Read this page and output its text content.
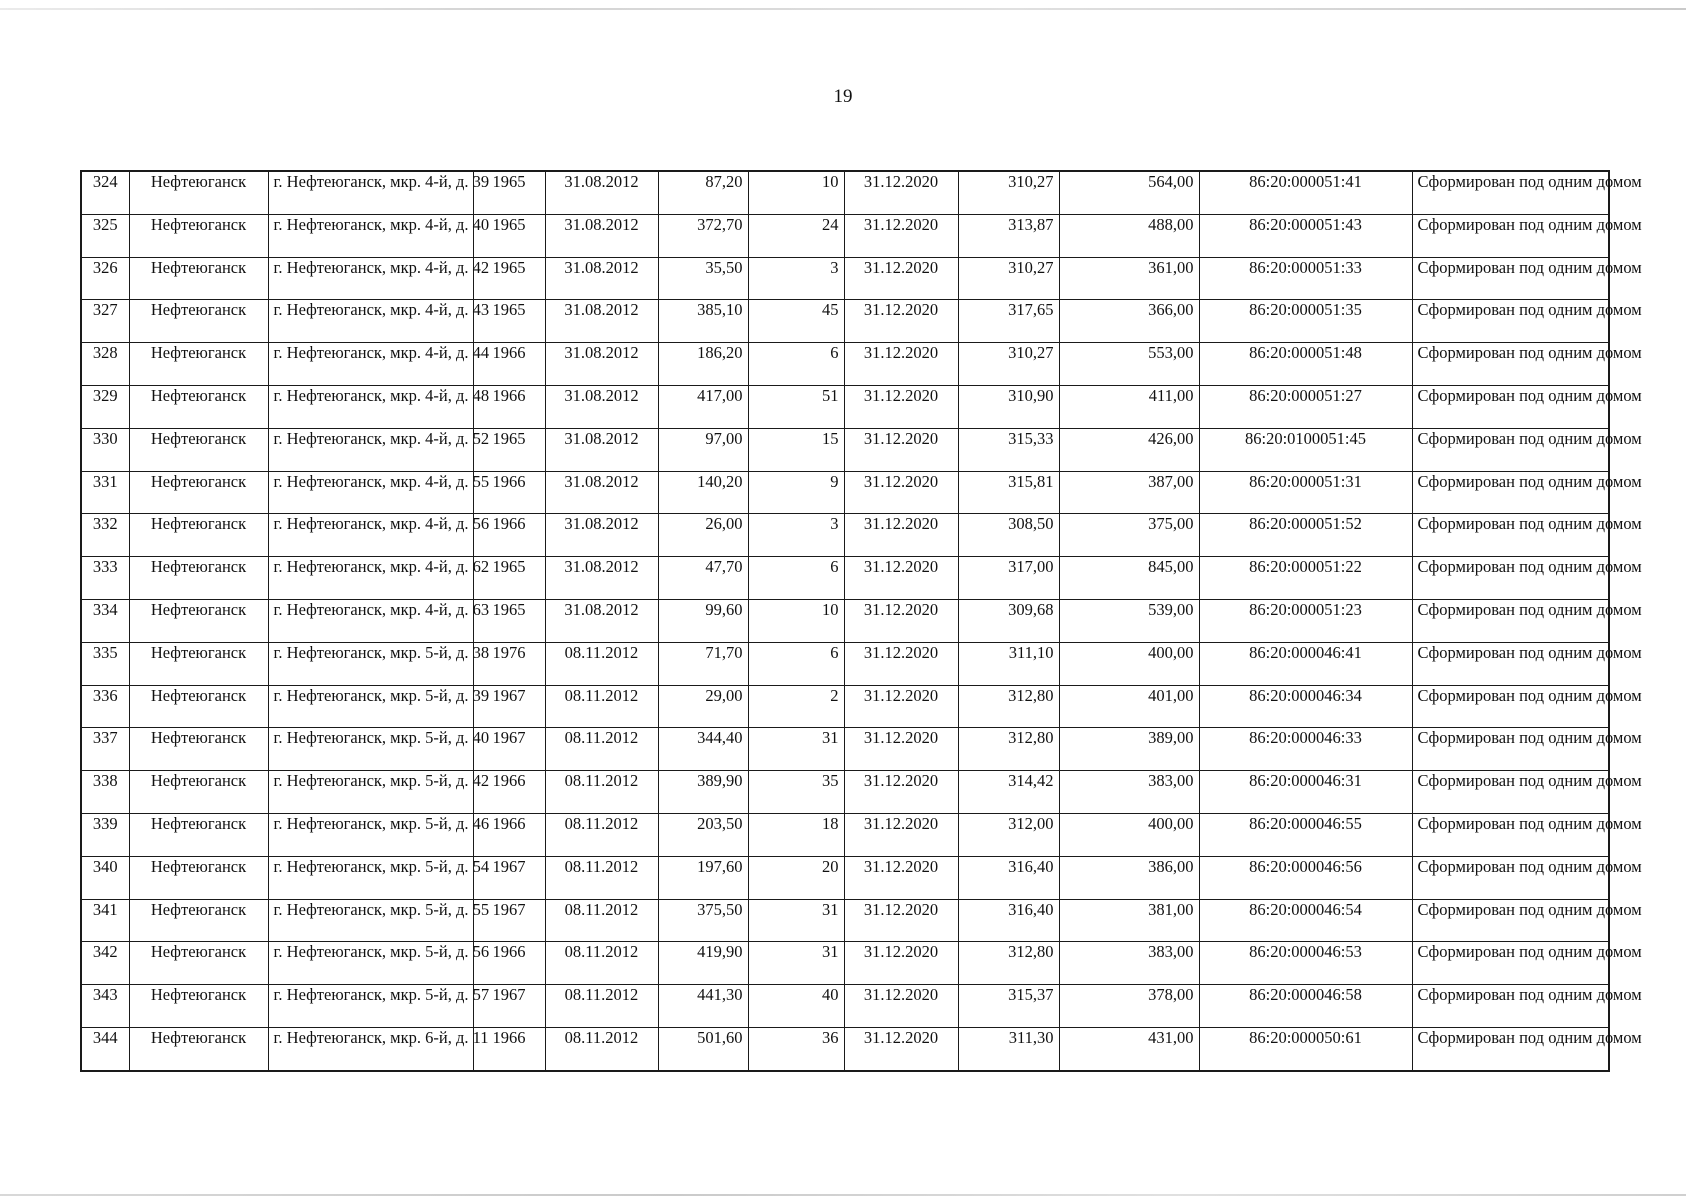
19
324	Нефтеюганск	г. Нефтеюганск, мкр. 4-й, д. 39	1965	31.08.2012	87,20	10	31.12.2020	310,27	564,00	86:20:000051:41	Сформирован под одним домом
325	Нефтеюганск	г. Нефтеюганск, мкр. 4-й, д. 40	1965	31.08.2012	372,70	24	31.12.2020	313,87	488,00	86:20:000051:43	Сформирован под одним домом
326	Нефтеюганск	г. Нефтеюганск, мкр. 4-й, д. 42	1965	31.08.2012	35,50	3	31.12.2020	310,27	361,00	86:20:000051:33	Сформирован под одним домом
327	Нефтеюганск	г. Нефтеюганск, мкр. 4-й, д. 43	1965	31.08.2012	385,10	45	31.12.2020	317,65	366,00	86:20:000051:35	Сформирован под одним домом
328	Нефтеюганск	г. Нефтеюганск, мкр. 4-й, д. 44	1966	31.08.2012	186,20	6	31.12.2020	310,27	553,00	86:20:000051:48	Сформирован под одним домом
329	Нефтеюганск	г. Нефтеюганск, мкр. 4-й, д. 48	1966	31.08.2012	417,00	51	31.12.2020	310,90	411,00	86:20:000051:27	Сформирован под одним домом
330	Нефтеюганск	г. Нефтеюганск, мкр. 4-й, д. 52	1965	31.08.2012	97,00	15	31.12.2020	315,33	426,00	86:20:0100051:45	Сформирован под одним домом
331	Нефтеюганск	г. Нефтеюганск, мкр. 4-й, д. 55	1966	31.08.2012	140,20	9	31.12.2020	315,81	387,00	86:20:000051:31	Сформирован под одним домом
332	Нефтеюганск	г. Нефтеюганск, мкр. 4-й, д. 56	1966	31.08.2012	26,00	3	31.12.2020	308,50	375,00	86:20:000051:52	Сформирован под одним домом
333	Нефтеюганск	г. Нефтеюганск, мкр. 4-й, д. 62	1965	31.08.2012	47,70	6	31.12.2020	317,00	845,00	86:20:000051:22	Сформирован под одним домом
334	Нефтеюганск	г. Нефтеюганск, мкр. 4-й, д. 63	1965	31.08.2012	99,60	10	31.12.2020	309,68	539,00	86:20:000051:23	Сформирован под одним домом
335	Нефтеюганск	г. Нефтеюганск, мкр. 5-й, д. 38	1976	08.11.2012	71,70	6	31.12.2020	311,10	400,00	86:20:000046:41	Сформирован под одним домом
336	Нефтеюганск	г. Нефтеюганск, мкр. 5-й, д. 39	1967	08.11.2012	29,00	2	31.12.2020	312,80	401,00	86:20:000046:34	Сформирован под одним домом
337	Нефтеюганск	г. Нефтеюганск, мкр. 5-й, д. 40	1967	08.11.2012	344,40	31	31.12.2020	312,80	389,00	86:20:000046:33	Сформирован под одним домом
338	Нефтеюганск	г. Нефтеюганск, мкр. 5-й, д. 42	1966	08.11.2012	389,90	35	31.12.2020	314,42	383,00	86:20:000046:31	Сформирован под одним домом
339	Нефтеюганск	г. Нефтеюганск, мкр. 5-й, д. 46	1966	08.11.2012	203,50	18	31.12.2020	312,00	400,00	86:20:000046:55	Сформирован под одним домом
340	Нефтеюганск	г. Нефтеюганск, мкр. 5-й, д. 54	1967	08.11.2012	197,60	20	31.12.2020	316,40	386,00	86:20:000046:56	Сформирован под одним домом
341	Нефтеюганск	г. Нефтеюганск, мкр. 5-й, д. 55	1967	08.11.2012	375,50	31	31.12.2020	316,40	381,00	86:20:000046:54	Сформирован под одним домом
342	Нефтеюганск	г. Нефтеюганск, мкр. 5-й, д. 56	1966	08.11.2012	419,90	31	31.12.2020	312,80	383,00	86:20:000046:53	Сформирован под одним домом
343	Нефтеюганск	г. Нефтеюганск, мкр. 5-й, д. 57	1967	08.11.2012	441,30	40	31.12.2020	315,37	378,00	86:20:000046:58	Сформирован под одним домом
344	Нефтеюганск	г. Нефтеюганск, мкр. 6-й, д. 11	1966	08.11.2012	501,60	36	31.12.2020	311,30	431,00	86:20:000050:61	Сформирован под одним домом
